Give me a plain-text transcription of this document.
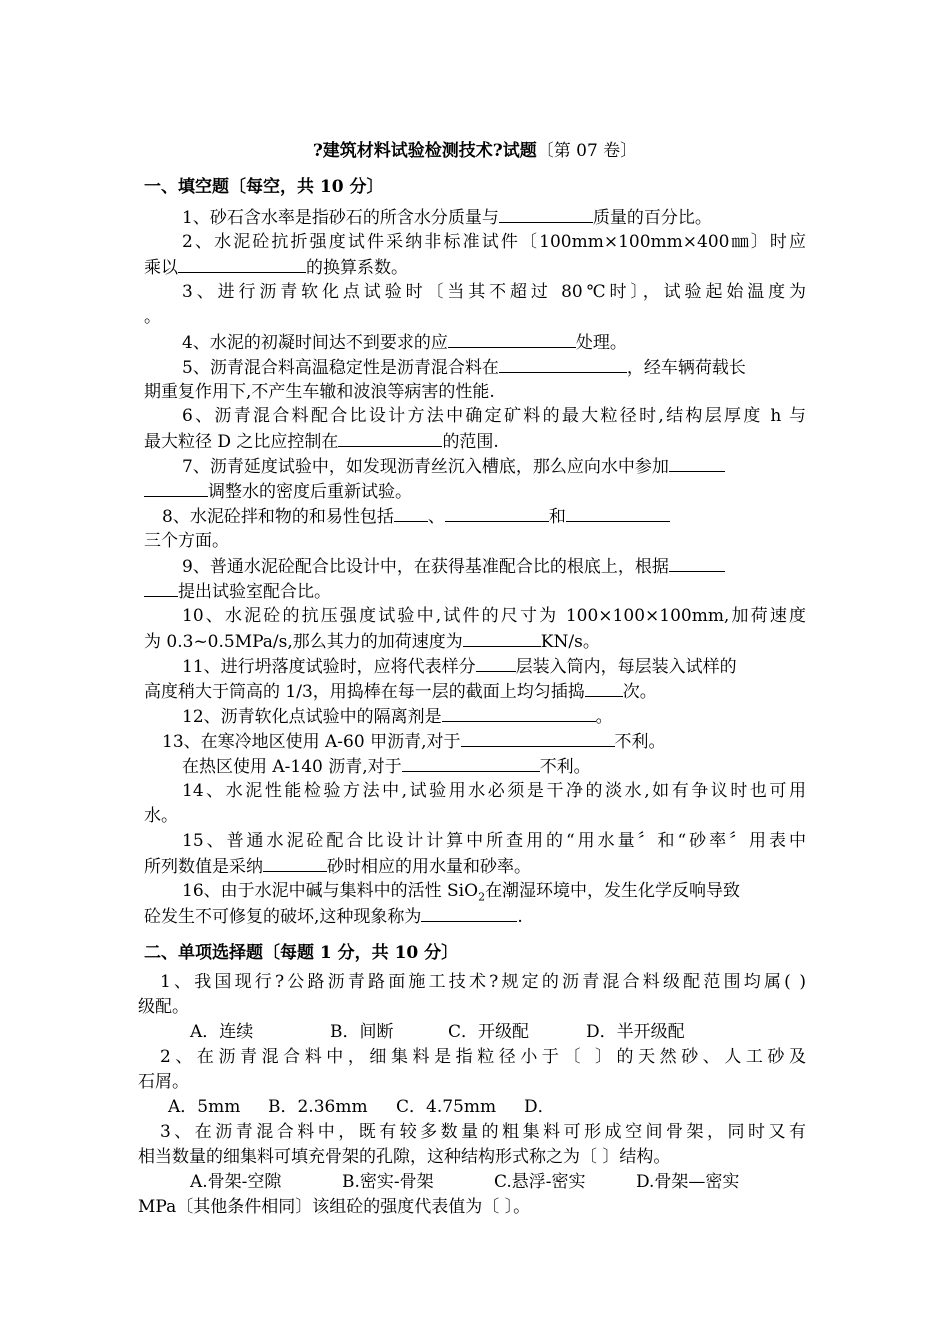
?建筑材料试验检测技术?试题〔第 07 卷〕
一、填空题〔每空，共 10 分〕
1、砂石含水率是指砂石的所含水分质量与	质量的百分比。
2、水泥砼抗折强度试件采纳非标准试件〔100mm×100mm×400㎜〕时应
乘以	的换算系数。
3、进行沥青软化点试验时〔当其不超过 80℃时〕，试验起始温度为
。
4、水泥的初凝时间达不到要求的应	处理。
5、沥青混合料高温稳定性是沥青混合料在	，经车辆荷载长
期重复作用下,不产生车辙和波浪等病害的性能.
6、沥青混合料配合比设计方法中确定矿料的最大粒径时,结构层厚度 h 与
最大粒径 D 之比应控制在	的范围.
7、沥青延度试验中，如发现沥青丝沉入槽底，那么应向水中参加
调整水的密度后重新试验。
8、水泥砼拌和物的和易性包括 、	和
三个方面。
9、普通水泥砼配合比设计中，在获得基准配合比的根底上，根据
提出试验室配合比。
10、水泥砼的抗压强度试验中,试件的尺寸为 100×100×100mm,加荷速度
为 0.3~0.5MPa/s,那么其力的加荷速度为	KN/s。
11、进行坍落度试验时，应将代表样分 层装入筒内，每层装入试样的
高度稍大于筒高的 1/3，用捣棒在每一层的截面上均匀插捣 次。
12、沥青软化点试验中的隔离剂是	。
13、在寒冷地区使用 A-60 甲沥青,对于	不利。
在热区使用 A-140 沥青,对于	不利。
14、水泥性能检验方法中,试验用水必须是干净的淡水,如有争议时也可用
水。
15、普通水泥砼配合比设计计算中所查用的“用水量〞和“砂率〞用表中
所列数值是采纳	砂时相应的用水量和砂率。
16、由于水泥中碱与集料中的活性 SiO$_2$在潮湿环境中，发生化学反响导致
砼发生不可修复的破坏,这种现象称为	.
二、单项选择题〔每题 1 分，共 10 分〕
1、我国现行?公路沥青路面施工技术?规定的沥青混合料级配范围均属( )
级配。
A．连续	B．间断	C．开级配	D．半开级配
2、在沥青混合料中，细集料是指粒径小于〔 〕的天然砂、人工砂及
石屑。
A．5mm B．2.36mm C．4.75mm D．
3、在沥青混合料中，既有较多数量的粗集料可形成空间骨架，同时又有
相当数量的细集料可填充骨架的孔隙，这种结构形式称之为〔 〕结构。
A.骨架-空隙	B.密实-骨架	C.悬浮-密实	D.骨架—密实
MPa〔其他条件相同〕该组砼的强度代表值为〔 〕。
